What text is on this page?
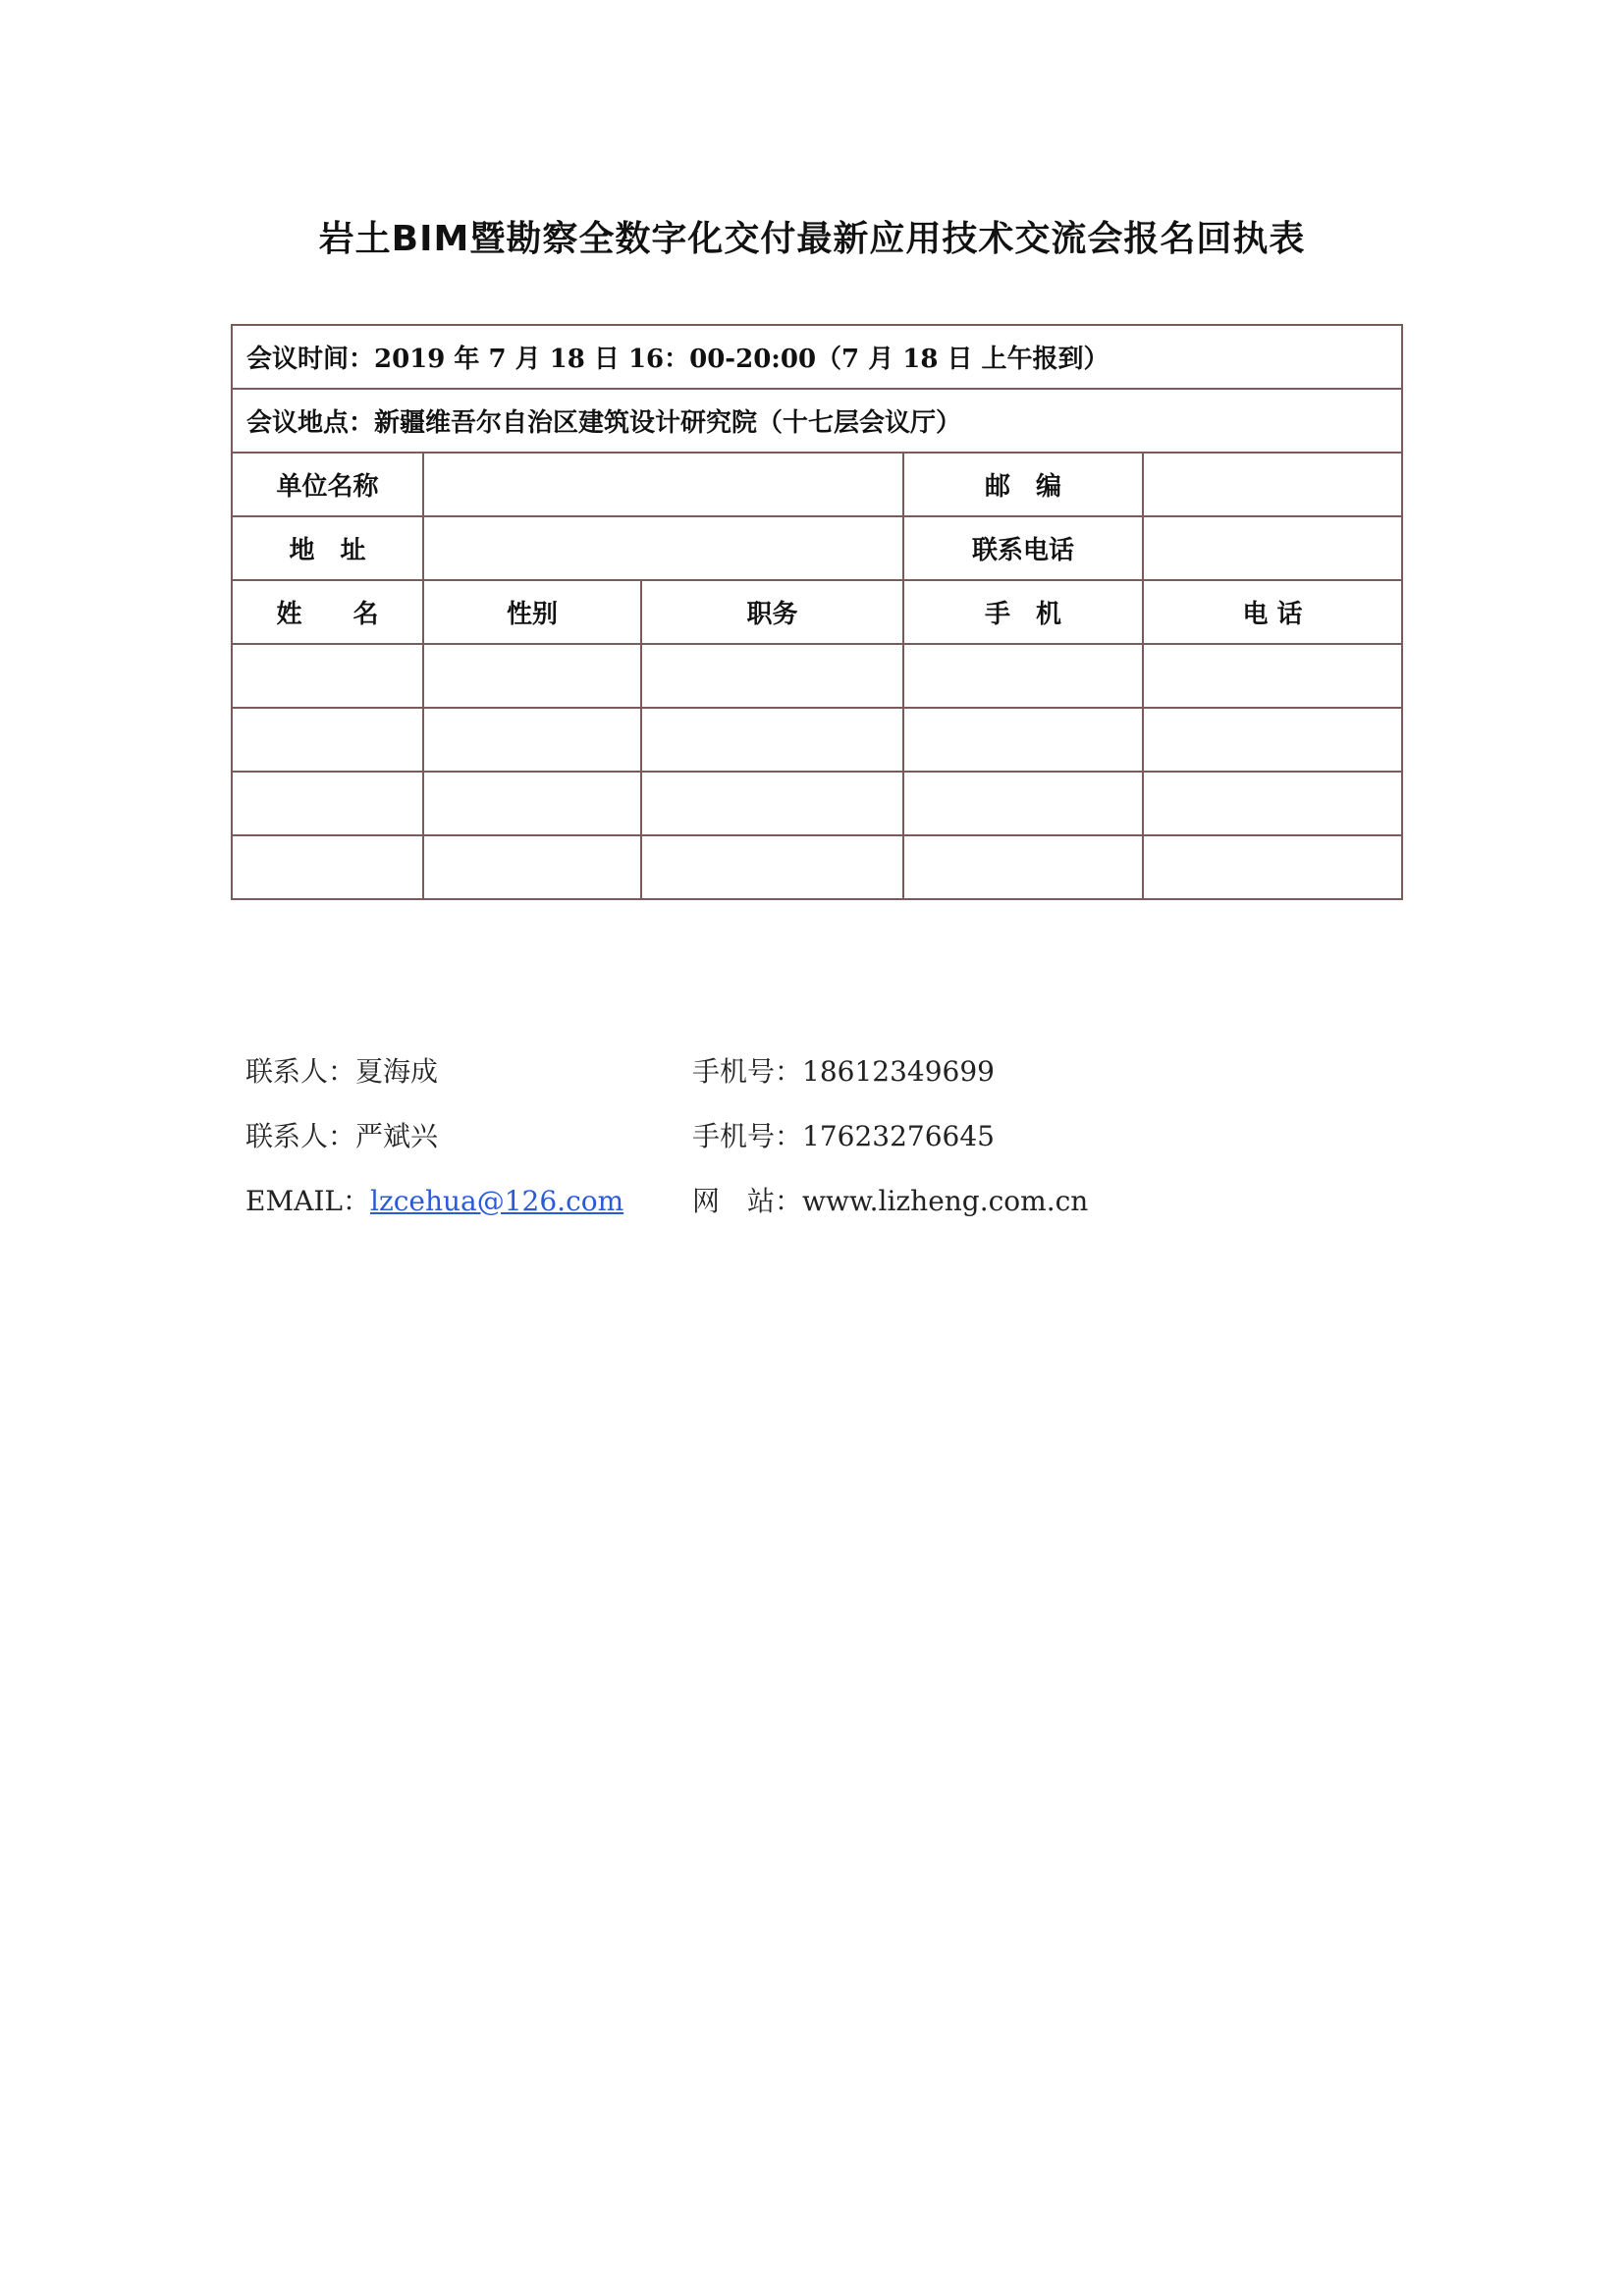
岩土BIM暨勘察全数字化交付最新应用技术交流会报名回执表
会议时间：2019 年 7 月 18 日 16：00-20:00（7 月 18 日 上午报到）				
会议地点：新疆维吾尔自治区建筑设计研究院（十七层会议厅）				
单位名称			邮　编	
地　址			联系电话	
姓　　名	性别	职务	手　机	电 话

联系人：夏海成	手机号：18612349699
联系人：严斌兴	手机号：17623276645
EMAIL：lzcehua@126.com 网　站：www.lizheng.com.cn
